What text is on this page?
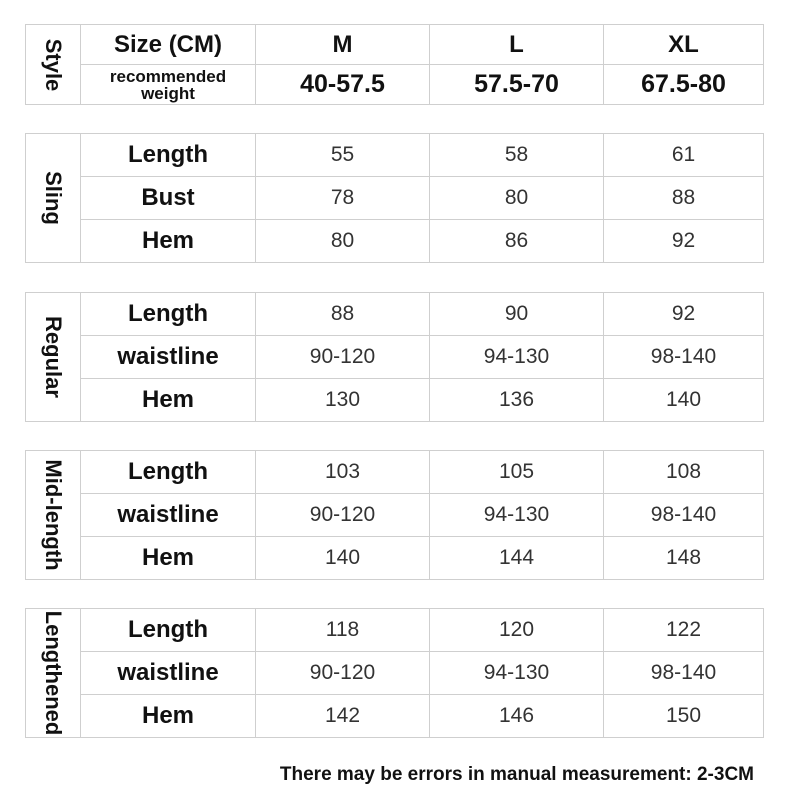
Style	Size (CM)	M	L	XL
	recommended weight	40-57.5	57.5-70	67.5-80
Sling	Length	55	58	61
	Bust	78	80	88
	Hem	80	86	92
Regular	Length	88	90	92
	waistline	90-120	94-130	98-140
	Hem	130	136	140
Mid-length	Length	103	105	108
	waistline	90-120	94-130	98-140
	Hem	140	144	148
Lengthened	Length	118	120	122
	waistline	90-120	94-130	98-140
	Hem	142	146	150
There may be errors in manual measurement: 2-3CM
